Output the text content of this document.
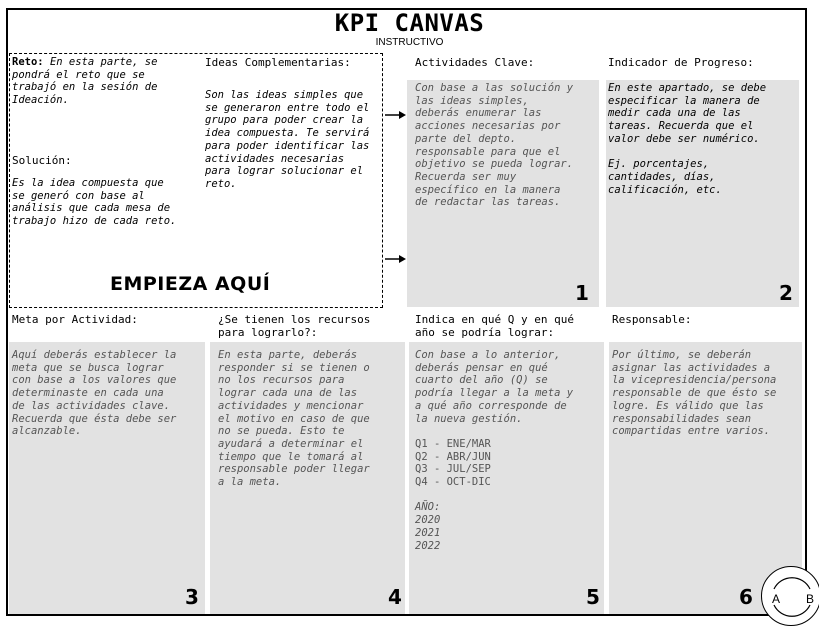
KPI CANVAS
INSTRUCTIVO
Reto: En esta parte, se
pondrá el reto que se
trabajó en la sesión de
Ideación.
Solución:
Es la idea compuesta que
se generó con base al
análisis que cada mesa de
trabajo hizo de cada reto.
Ideas Complementarias:
Son las ideas simples que
se generaron entre todo el
grupo para poder crear la
idea compuesta. Te servirá
para poder identificar las
actividades necesarias
para lograr solucionar el
reto.
EMPIEZA AQUÍ
Actividades Clave:
Con base a las solución y
las ideas simples,
deberás enumerar las
acciones necesarias por
parte del depto.
responsable para que el
objetivo se pueda lograr.
Recuerda ser muy
específico en la manera
de redactar las tareas.
1
Indicador de Progreso:
En este apartado, se debe
especificar la manera de
medir cada una de las
tareas. Recuerda que el
valor debe ser numérico.

Ej. porcentajes,
cantidades, días,
calificación, etc.
2
Meta por Actividad:
Aquí deberás establecer la
meta que se busca lograr
con base a los valores que
determinaste en cada una
de las actividades clave.
Recuerda que ésta debe ser
alcanzable.
3
¿Se tienen los recursos
para lograrlo?:
En esta parte, deberás
responder si se tienen o
no los recursos para
lograr cada una de las
actividades y mencionar
el motivo en caso de que
no se pueda. Esto te
ayudará a determinar el
tiempo que le tomará al
responsable poder llegar
a la meta.
4
Indica en qué Q y en qué
año se podría lograr:
Con base a lo anterior,
deberás pensar en qué
cuarto del año (Q) se
podría llegar a la meta y
a qué año corresponde de
la nueva gestión.

Q1 - ENE/MAR
Q2 - ABR/JUN
Q3 - JUL/SEP
Q4 - OCT-DIC

AÑO:
2020
2021
2022
5
Responsable:
Por último, se deberán
asignar las actividades a
la vicepresidencia/persona
responsable de que ésto se
logre. Es válido que las
responsabilidades sean
compartidas entre varios.
6 A B
